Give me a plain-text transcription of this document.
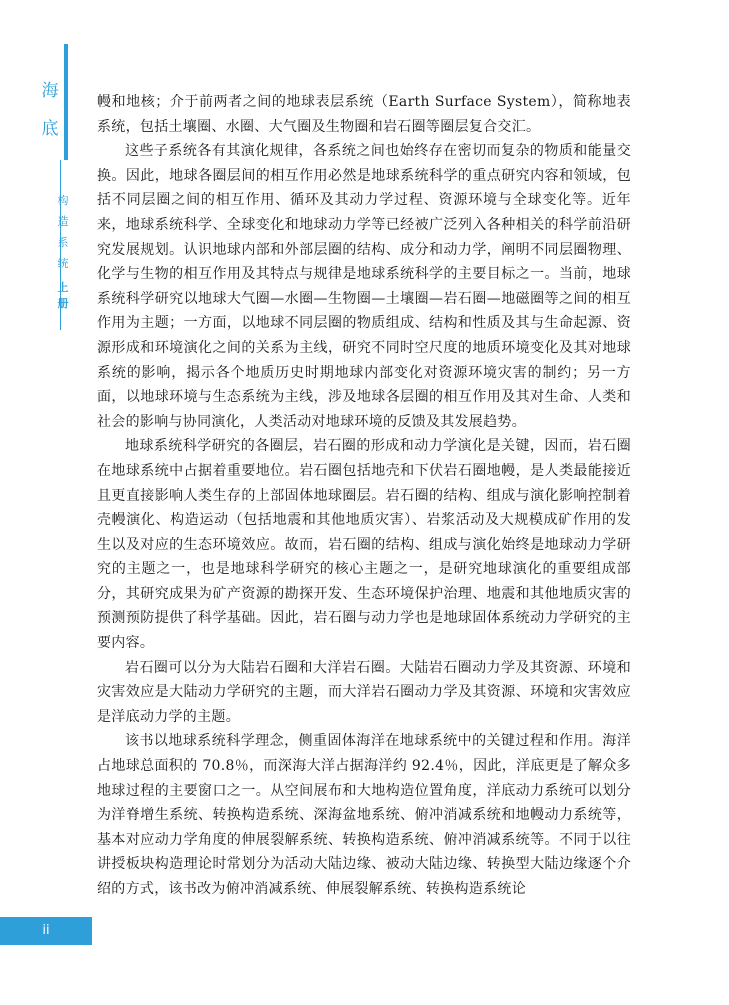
海
底
构
造
系
统
上
册

幔和地核；介于前两者之间的地球表层系统（Earth Surface System），简称地表系统，包括土壤圈、水圈、大气圈及生物圈和岩石圈等圈层复合交汇。

这些子系统各有其演化规律，各系统之间也始终存在密切而复杂的物质和能量交换。因此，地球各圈层间的相互作用必然是地球系统科学的重点研究内容和领域，包括不同层圈之间的相互作用、循环及其动力学过程、资源环境与全球变化等。近年来，地球系统科学、全球变化和地球动力学等已经被广泛列入各种相关的科学前沿研究发展规划。认识地球内部和外部层圈的结构、成分和动力学，阐明不同层圈物理、化学与生物的相互作用及其特点与规律是地球系统科学的主要目标之一。当前，地球系统科学研究以地球大气圈—水圈—生物圈—土壤圈—岩石圈—地磁圈等之间的相互作用为主题；一方面，以地球不同层圈的物质组成、结构和性质及其与生命起源、资源形成和环境演化之间的关系为主线，研究不同时空尺度的地质环境变化及其对地球系统的影响，揭示各个地质历史时期地球内部变化对资源环境灾害的制约；另一方面，以地球环境与生态系统为主线，涉及地球各层圈的相互作用及其对生命、人类和社会的影响与协同演化，人类活动对地球环境的反馈及其发展趋势。

地球系统科学研究的各圈层，岩石圈的形成和动力学演化是关键，因而，岩石圈在地球系统中占据着重要地位。岩石圈包括地壳和下伏岩石圈地幔，是人类最能接近且更直接影响人类生存的上部固体地球圈层。岩石圈的结构、组成与演化影响控制着壳幔演化、构造运动（包括地震和其他地质灾害）、岩浆活动及大规模成矿作用的发生以及对应的生态环境效应。故而，岩石圈的结构、组成与演化始终是地球动力学研究的主题之一，也是地球科学研究的核心主题之一，是研究地球演化的重要组成部分，其研究成果为矿产资源的勘探开发、生态环境保护治理、地震和其他地质灾害的预测预防提供了科学基础。因此，岩石圈与动力学也是地球固体系统动力学研究的主要内容。

岩石圈可以分为大陆岩石圈和大洋岩石圈。大陆岩石圈动力学及其资源、环境和灾害效应是大陆动力学研究的主题，而大洋岩石圈动力学及其资源、环境和灾害效应是洋底动力学的主题。

该书以地球系统科学理念，侧重固体海洋在地球系统中的关键过程和作用。海洋占地球总面积的 70.8％，而深海大洋占据海洋约 92.4％，因此，洋底更是了解众多地球过程的主要窗口之一。从空间展布和大地构造位置角度，洋底动力系统可以划分为洋脊增生系统、转换构造系统、深海盆地系统、俯冲消减系统和地幔动力系统等，基本对应动力学角度的伸展裂解系统、转换构造系统、俯冲消减系统等。不同于以往讲授板块构造理论时常划分为活动大陆边缘、被动大陆边缘、转换型大陆边缘逐个介绍的方式，该书改为俯冲消减系统、伸展裂解系统、转换构造系统论

ii
